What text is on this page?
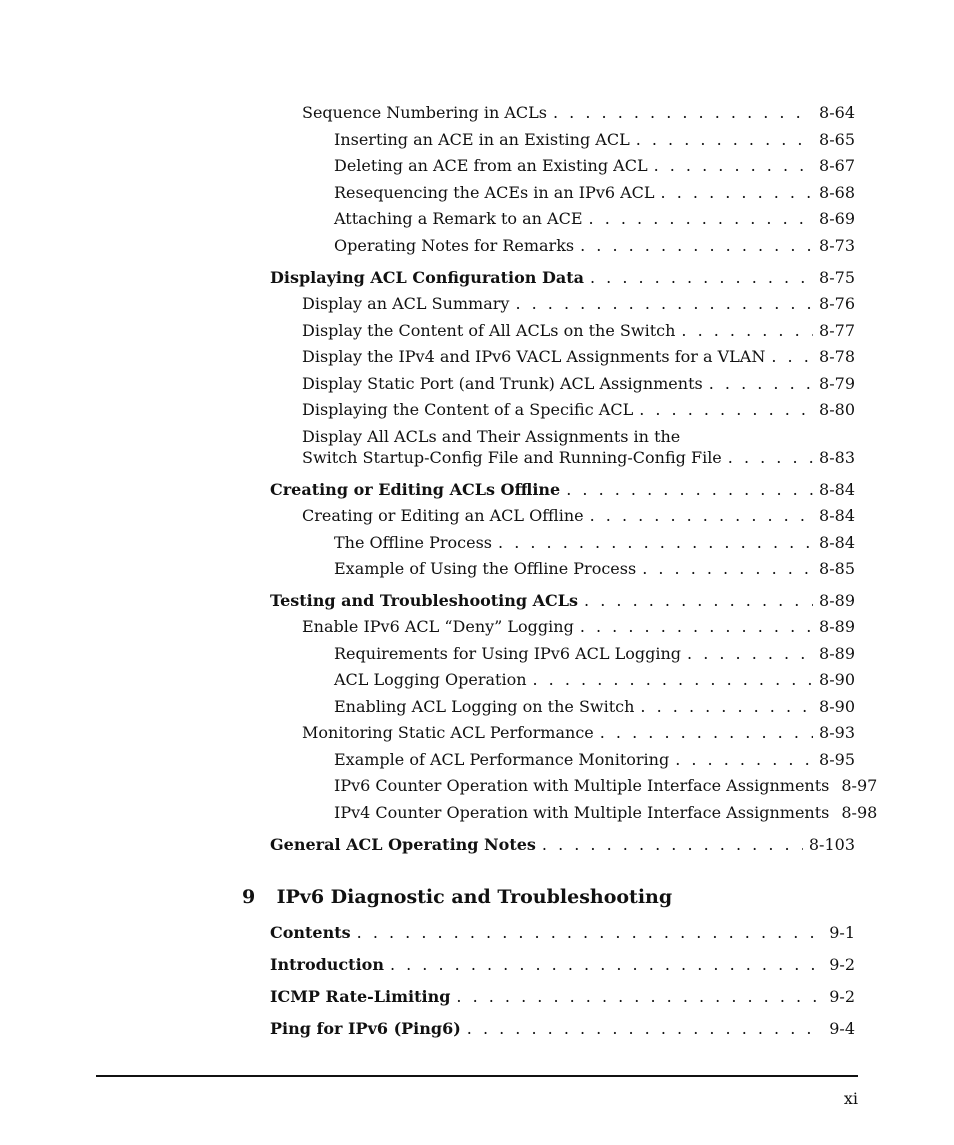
Sequence Numbering in ACLs . . .	8-64
Inserting an ACE in an Existing ACL . . .	8-65
Deleting an ACE from an Existing ACL . . .	8-67
Resequencing the ACEs in an IPv6 ACL . . .	8-68
Attaching a Remark to an ACE . . .	8-69
Operating Notes for Remarks . . .	8-73
Displaying ACL Configuration Data . . .	8-75
Display an ACL Summary . . .	8-76
Display the Content of All ACLs on the Switch . . .	8-77
Display the IPv4 and IPv6 VACL Assignments for a VLAN . . .	8-78
Display Static Port (and Trunk) ACL Assignments . . .	8-79
Displaying the Content of a Specific ACL . . .	8-80
Display All ACLs and Their Assignments in the
Switch Startup-Config File and Running-Config File . . .	8-83
Creating or Editing ACLs Offline . . .	8-84
Creating or Editing an ACL Offline . . .	8-84
The Offline Process . . .	8-84
Example of Using the Offline Process . . .	8-85
Testing and Troubleshooting ACLs . . .	8-89
Enable IPv6 ACL “Deny” Logging . . .	8-89
Requirements for Using IPv6 ACL Logging . . .	8-89
ACL Logging Operation . . .	8-90
Enabling ACL Logging on the Switch . . .	8-90
Monitoring Static ACL Performance . . .	8-93
Example of ACL Performance Monitoring . . .	8-95
IPv6 Counter Operation with Multiple Interface Assignments 8-97
IPv4 Counter Operation with Multiple Interface Assignments 8-98
General ACL Operating Notes . . .	8-103
9 IPv6 Diagnostic and Troubleshooting
Contents . . .	9-1
Introduction . . .	9-2
ICMP Rate-Limiting . . .	9-2
Ping for IPv6 (Ping6) . . .	9-4
xi
